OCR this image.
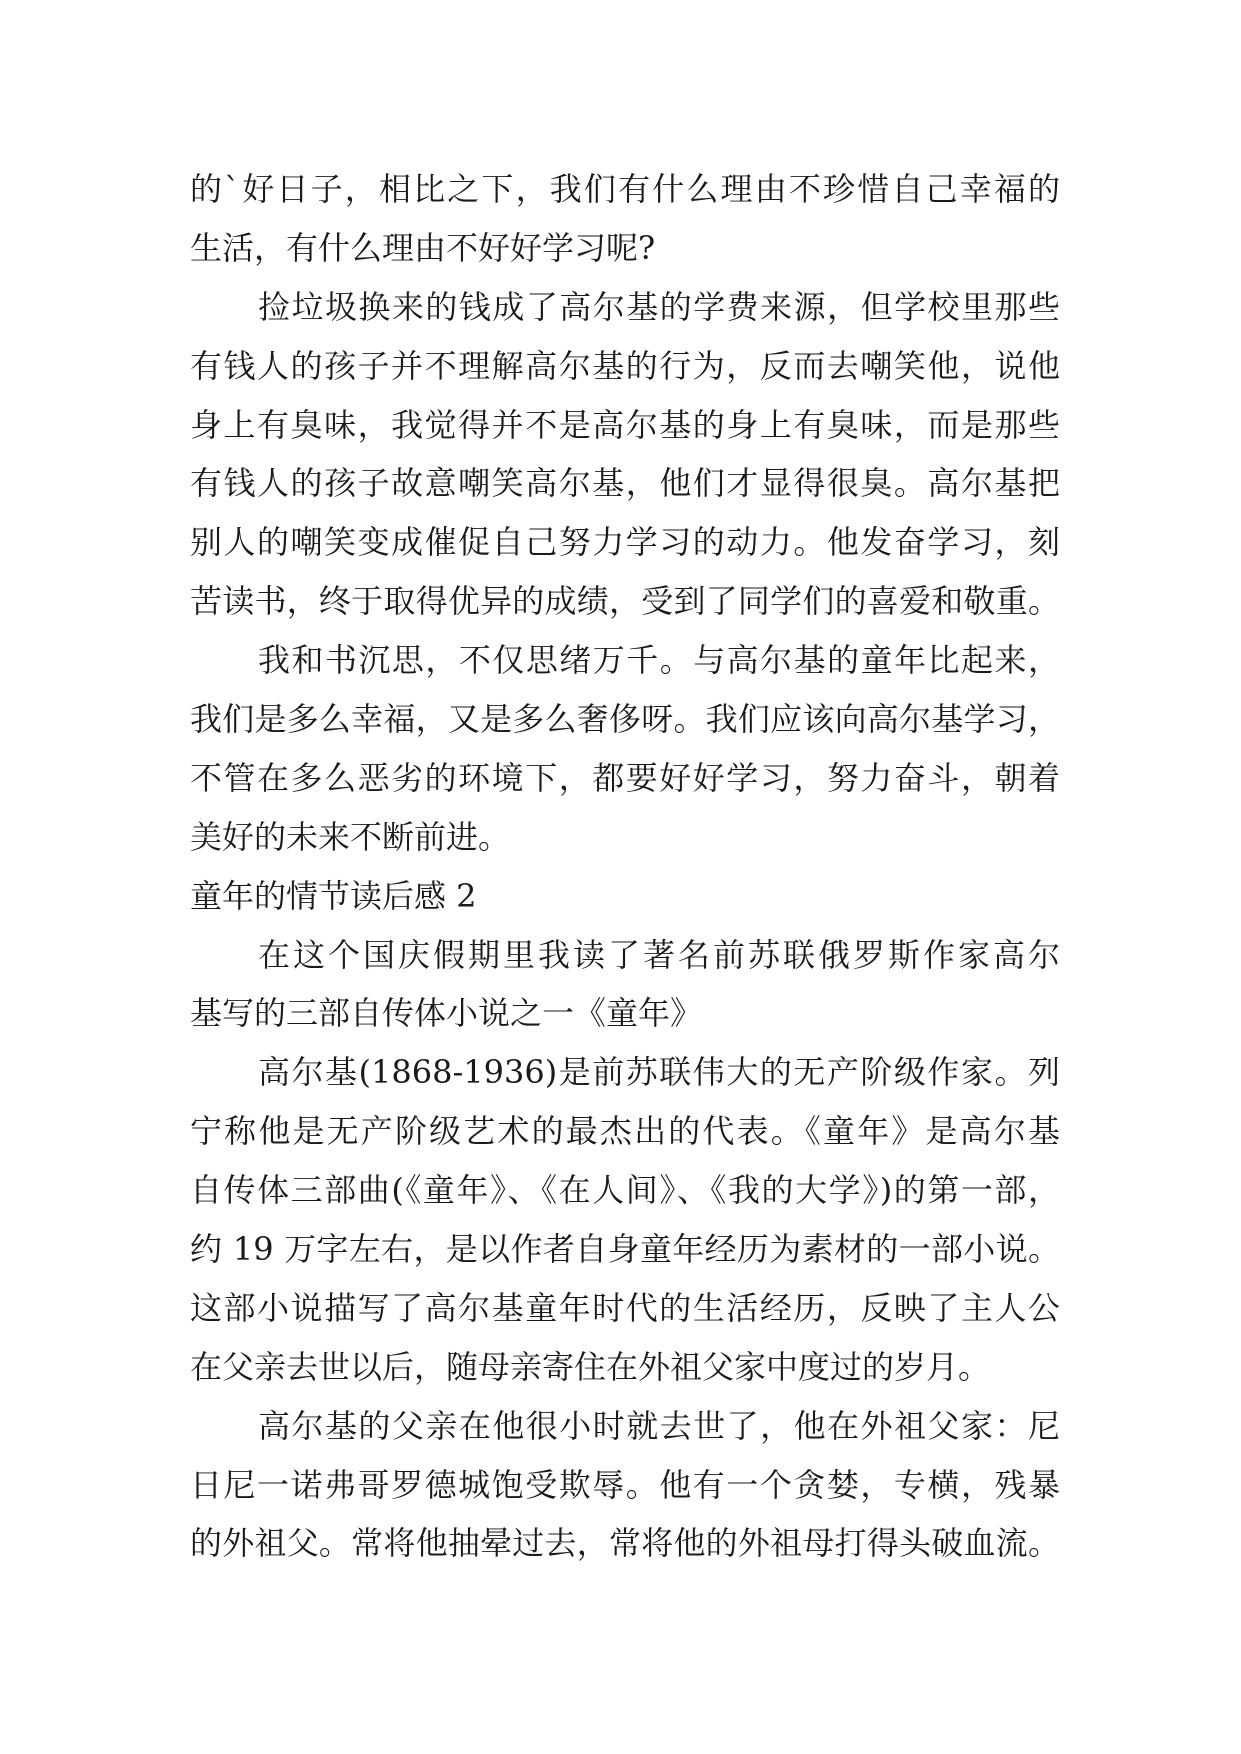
的`好日子，相比之下，我们有什么理由不珍惜自己幸福的
生活，有什么理由不好好学习呢?
捡垃圾换来的钱成了高尔基的学费来源，但学校里那些
有钱人的孩子并不理解高尔基的行为，反而去嘲笑他，说他
身上有臭味，我觉得并不是高尔基的身上有臭味，而是那些
有钱人的孩子故意嘲笑高尔基，他们才显得很臭。高尔基把
别人的嘲笑变成催促自己努力学习的动力。他发奋学习，刻
苦读书，终于取得优异的成绩，受到了同学们的喜爱和敬重。
我和书沉思，不仅思绪万千。与高尔基的童年比起来，
我们是多么幸福，又是多么奢侈呀。我们应该向高尔基学习，
不管在多么恶劣的环境下，都要好好学习，努力奋斗，朝着
美好的未来不断前进。
童年的情节读后感 2
在这个国庆假期里我读了著名前苏联俄罗斯作家高尔
基写的三部自传体小说之一《童年》
高尔基(1868-1936)是前苏联伟大的无产阶级作家。列
宁称他是无产阶级艺术的最杰出的代表。《童年》是高尔基
自传体三部曲(《童年》、《在人间》、《我的大学》)的第一部，
约 19 万字左右，是以作者自身童年经历为素材的一部小说。
这部小说描写了高尔基童年时代的生活经历，反映了主人公
在父亲去世以后，随母亲寄住在外祖父家中度过的岁月。
高尔基的父亲在他很小时就去世了，他在外祖父家：尼
日尼一诺弗哥罗德城饱受欺辱。他有一个贪婪，专横，残暴
的外祖父。常将他抽晕过去，常将他的外祖母打得头破血流。
